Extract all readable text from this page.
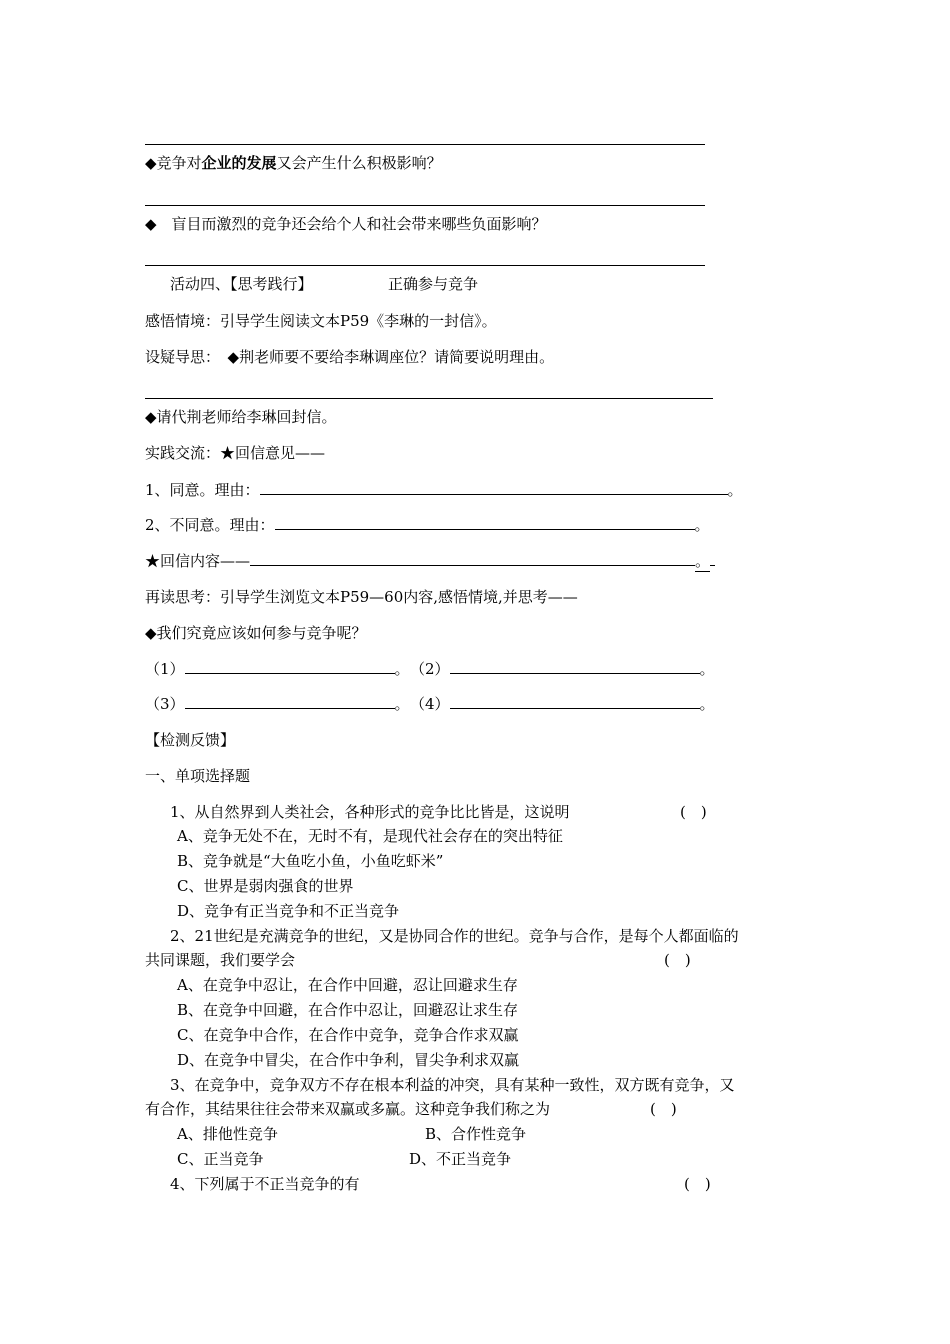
◆竞争对企业的发展又会产生什么积极影响？
◆　盲目而激烈的竞争还会给个人和社会带来哪些负面影响？
活动四、【思考践行】	正确参与竞争
感悟情境：引导学生阅读文本P59《李琳的一封信》。
设疑导思：　 ◆荆老师要不要给李琳调座位？请简要说明理由。
◆请代荆老师给李琳回封信。
实践交流：★回信意见——
1、同意。理由：	。
2、不同意。理由：	。
★回信内容——	。
再读思考：引导学生浏览文本P59—60内容,感悟情境,并思考——
◆我们究竟应该如何参与竞争呢？
（1）	。 （2）	。
（3）	。 （4）	。
【检测反馈】
一、单项选择题
1、从自然界到人类社会，各种形式的竞争比比皆是，这说明	(　)
A、竞争无处不在，无时不有，是现代社会存在的突出特征
B、竞争就是“大鱼吃小鱼，小鱼吃虾米”
C、世界是弱肉强食的世界
D、竞争有正当竞争和不正当竞争
2、21世纪是充满竞争的世纪，又是协同合作的世纪。竞争与合作，是每个人都面临的
共同课题，我们要学会	(　)
A、在竞争中忍让，在合作中回避，忍让回避求生存
B、在竞争中回避，在合作中忍让，回避忍让求生存
C、在竞争中合作，在合作中竞争，竞争合作求双赢
D、在竞争中冒尖，在合作中争利，冒尖争利求双赢
3、在竞争中，竞争双方不存在根本利益的冲突，具有某种一致性，双方既有竞争，又
有合作，其结果往往会带来双赢或多赢。这种竞争我们称之为	(　)
A、排他性竞争	B、合作性竞争
C、正当竞争	D、不正当竞争
4、下列属于不正当竞争的有	(　)
